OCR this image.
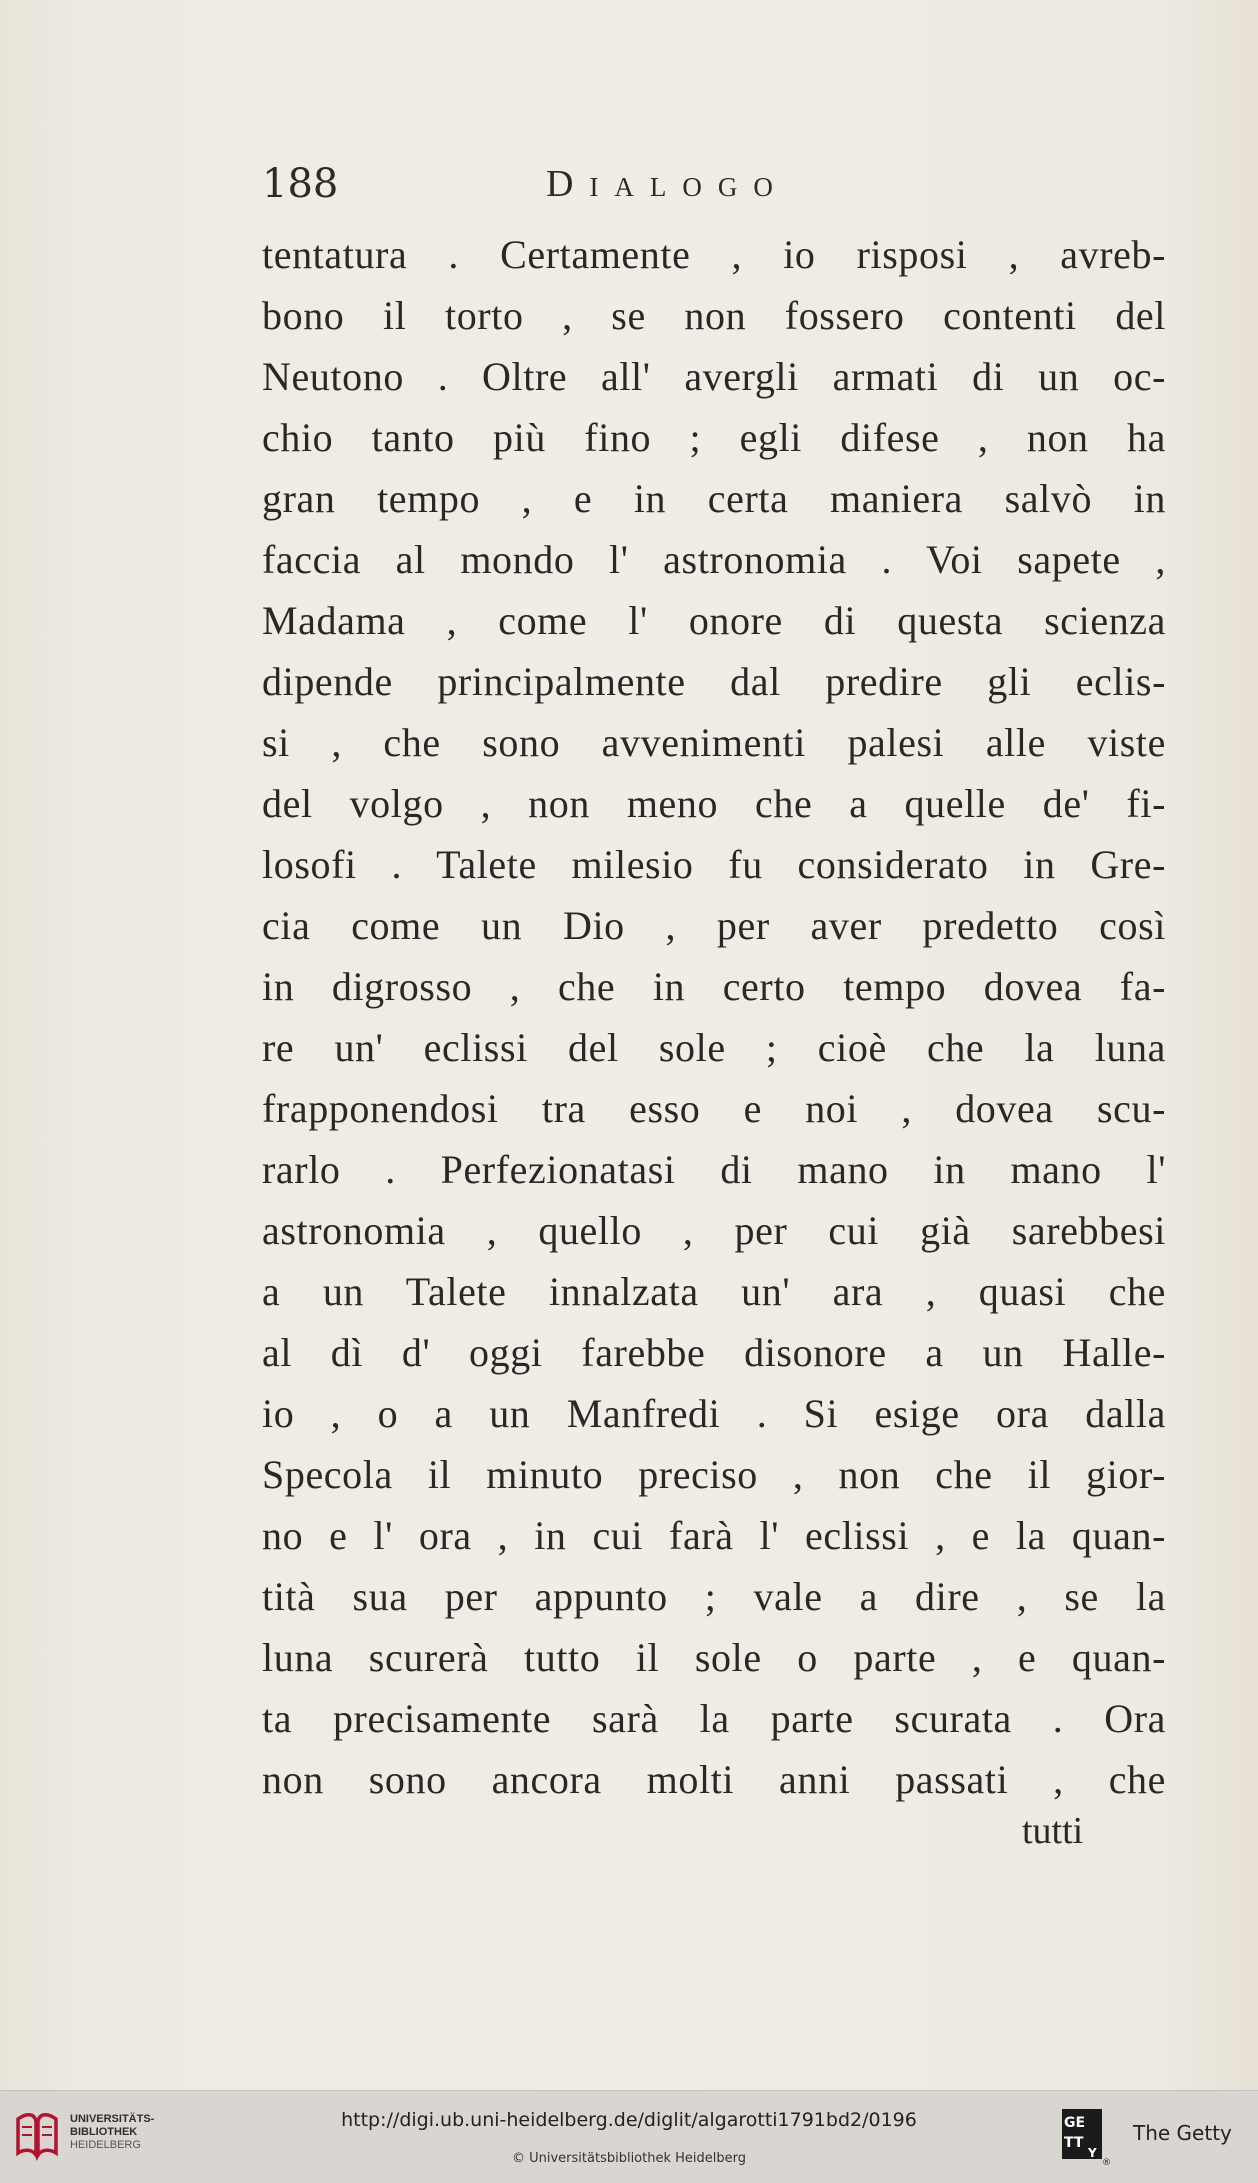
188	Dialogo
tentatura . Certamente , io risposi , avreb-
bono il torto , se non fossero contenti del
Neutono . Oltre all' avergli armati di un oc-
chio tanto più fino ; egli difese , non ha
gran tempo , e in certa maniera salvò in
faccia al mondo l' astronomia . Voi sapete ,
Madama , come l' onore di questa scienza
dipende principalmente dal predire gli eclis-
si , che sono avvenimenti palesi alle viste
del volgo , non meno che a quelle de' fi-
losofi . Talete milesio fu considerato in Gre-
cia come un Dio , per aver predetto così
in digrosso , che in certo tempo dovea fa-
re un' eclissi del sole ; cioè che la luna
frapponendosi tra esso e noi , dovea scu-
rarlo . Perfezionatasi di mano in mano l'
astronomia , quello , per cui già sarebbesi
a un Talete innalzata un' ara , quasi che
al dì d' oggi farebbe disonore a un Halle-
io , o a un Manfredi . Si esige ora dalla
Specola il minuto preciso , non che il gior-
no e l' ora , in cui farà l' eclissi , e la quan-
tità sua per appunto ; vale a dire , se la
luna scurerà tutto il sole o parte , e quan-
ta precisamente sarà la parte scurata . Ora
non sono ancora molti anni passati , che
tutti
UNIVERSITÄTS-
BIBLIOTHEK
HEIDELBERG
http://digi.ub.uni-heidelberg.de/diglit/algarotti1791bd2/0196
© Universitätsbibliothek Heidelberg
GE
TT
Y
®
The Getty
